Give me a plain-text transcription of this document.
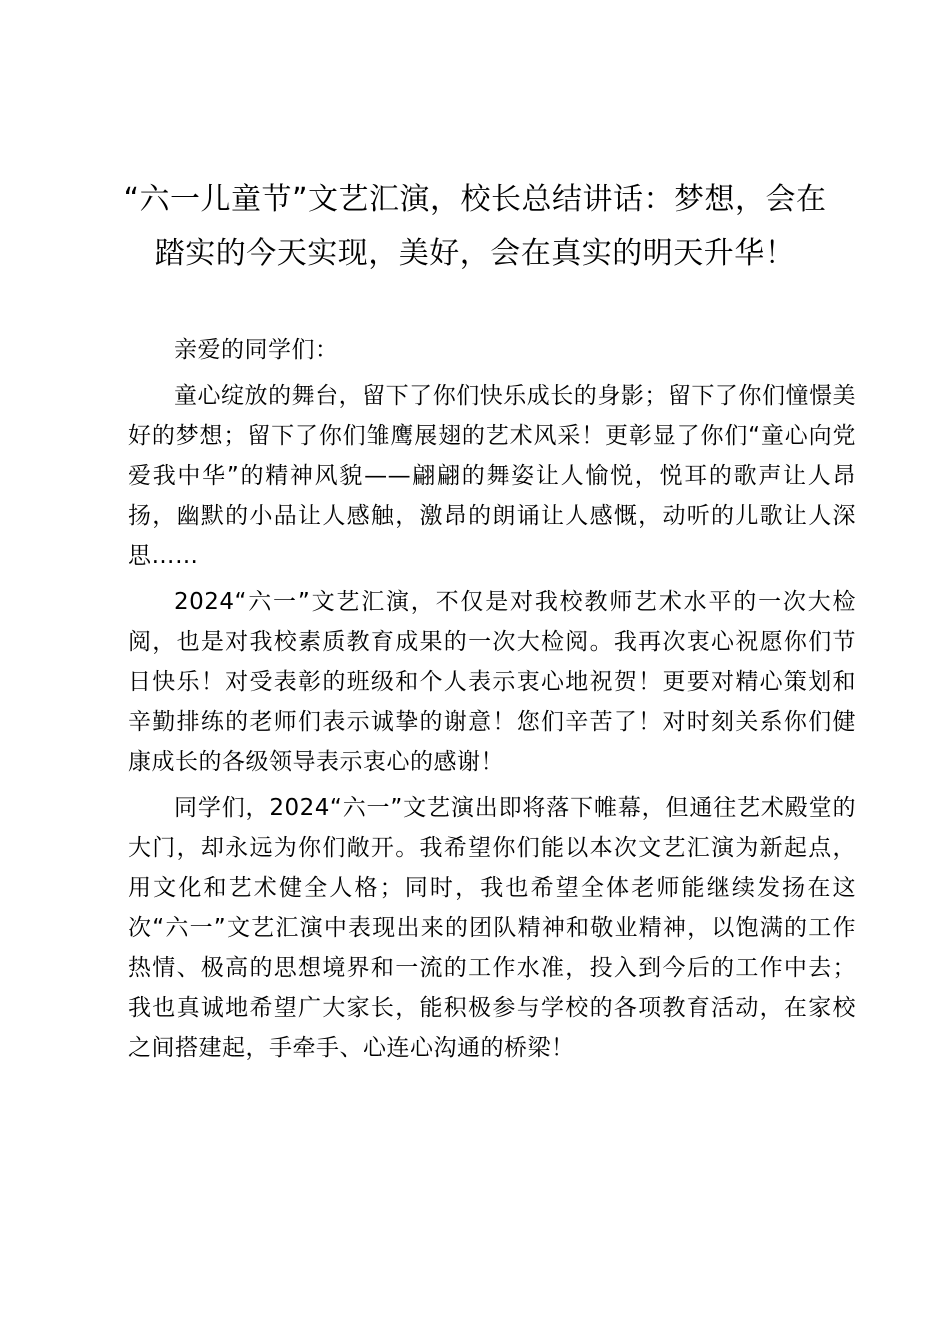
“六一儿童节”文艺汇演，校长总结讲话：梦想，会在踏实的今天实现，美好，会在真实的明天升华！

亲爱的同学们：

童心绽放的舞台，留下了你们快乐成长的身影；留下了你们憧憬美好的梦想；留下了你们雏鹰展翅的艺术风采！更彰显了你们“童心向党爱我中华”的精神风貌——翩翩的舞姿让人愉悦，悦耳的歌声让人昂扬，幽默的小品让人感触，激昂的朗诵让人感慨，动听的儿歌让人深思……

2024“六一”文艺汇演，不仅是对我校教师艺术水平的一次大检阅，也是对我校素质教育成果的一次大检阅。我再次衷心祝愿你们节日快乐！对受表彰的班级和个人表示衷心地祝贺！更要对精心策划和辛勤排练的老师们表示诚挚的谢意！您们辛苦了！对时刻关系你们健康成长的各级领导表示衷心的感谢！

同学们，2024“六一”文艺演出即将落下帷幕，但通往艺术殿堂的大门，却永远为你们敞开。我希望你们能以本次文艺汇演为新起点，用文化和艺术健全人格；同时，我也希望全体老师能继续发扬在这次“六一”文艺汇演中表现出来的团队精神和敬业精神，以饱满的工作热情、极高的思想境界和一流的工作水准，投入到今后的工作中去；我也真诚地希望广大家长，能积极参与学校的各项教育活动，在家校之间搭建起，手牵手、心连心沟通的桥梁！
